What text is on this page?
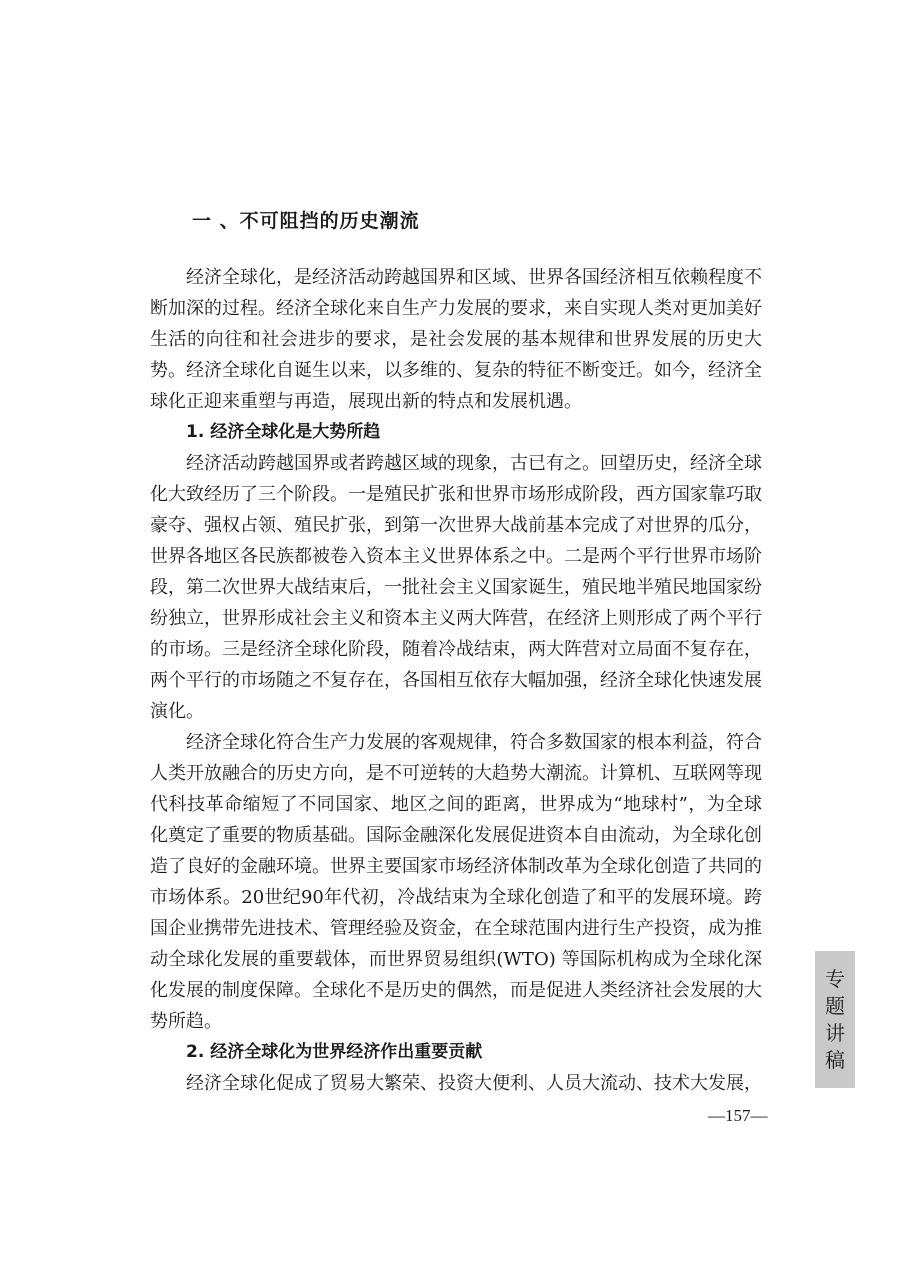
一 、不可阻挡的历史潮流

经济全球化，是经济活动跨越国界和区域、世界各国经济相互依赖程度不断加深的过程。经济全球化来自生产力发展的要求，来自实现人类对更加美好生活的向往和社会进步的要求，是社会发展的基本规律和世界发展的历史大势。经济全球化自诞生以来，以多维的、复杂的特征不断变迁。如今，经济全球化正迎来重塑与再造，展现出新的特点和发展机遇。

1. 经济全球化是大势所趋

经济活动跨越国界或者跨越区域的现象，古已有之。回望历史，经济全球化大致经历了三个阶段。一是殖民扩张和世界市场形成阶段，西方国家靠巧取豪夺、强权占领、殖民扩张，到第一次世界大战前基本完成了对世界的瓜分，世界各地区各民族都被卷入资本主义世界体系之中。二是两个平行世界市场阶段，第二次世界大战结束后，一批社会主义国家诞生，殖民地半殖民地国家纷纷独立，世界形成社会主义和资本主义两大阵营，在经济上则形成了两个平行的市场。三是经济全球化阶段，随着冷战结束，两大阵营对立局面不复存在，两个平行的市场随之不复存在，各国相互依存大幅加强，经济全球化快速发展演化。

经济全球化符合生产力发展的客观规律，符合多数国家的根本利益，符合人类开放融合的历史方向，是不可逆转的大趋势大潮流。计算机、互联网等现代科技革命缩短了不同国家、地区之间的距离，世界成为“地球村”，为全球化奠定了重要的物质基础。国际金融深化发展促进资本自由流动，为全球化创造了良好的金融环境。世界主要国家市场经济体制改革为全球化创造了共同的市场体系。20世纪90年代初，冷战结束为全球化创造了和平的发展环境。跨国企业携带先进技术、管理经验及资金，在全球范围内进行生产投资，成为推动全球化发展的重要载体，而世界贸易组织(WTO) 等国际机构成为全球化深化发展的制度保障。全球化不是历史的偶然，而是促进人类经济社会发展的大势所趋。

2. 经济全球化为世界经济作出重要贡献

经济全球化促成了贸易大繁荣、投资大便利、人员大流动、技术大发展，

—157—
专
题
讲
稿
